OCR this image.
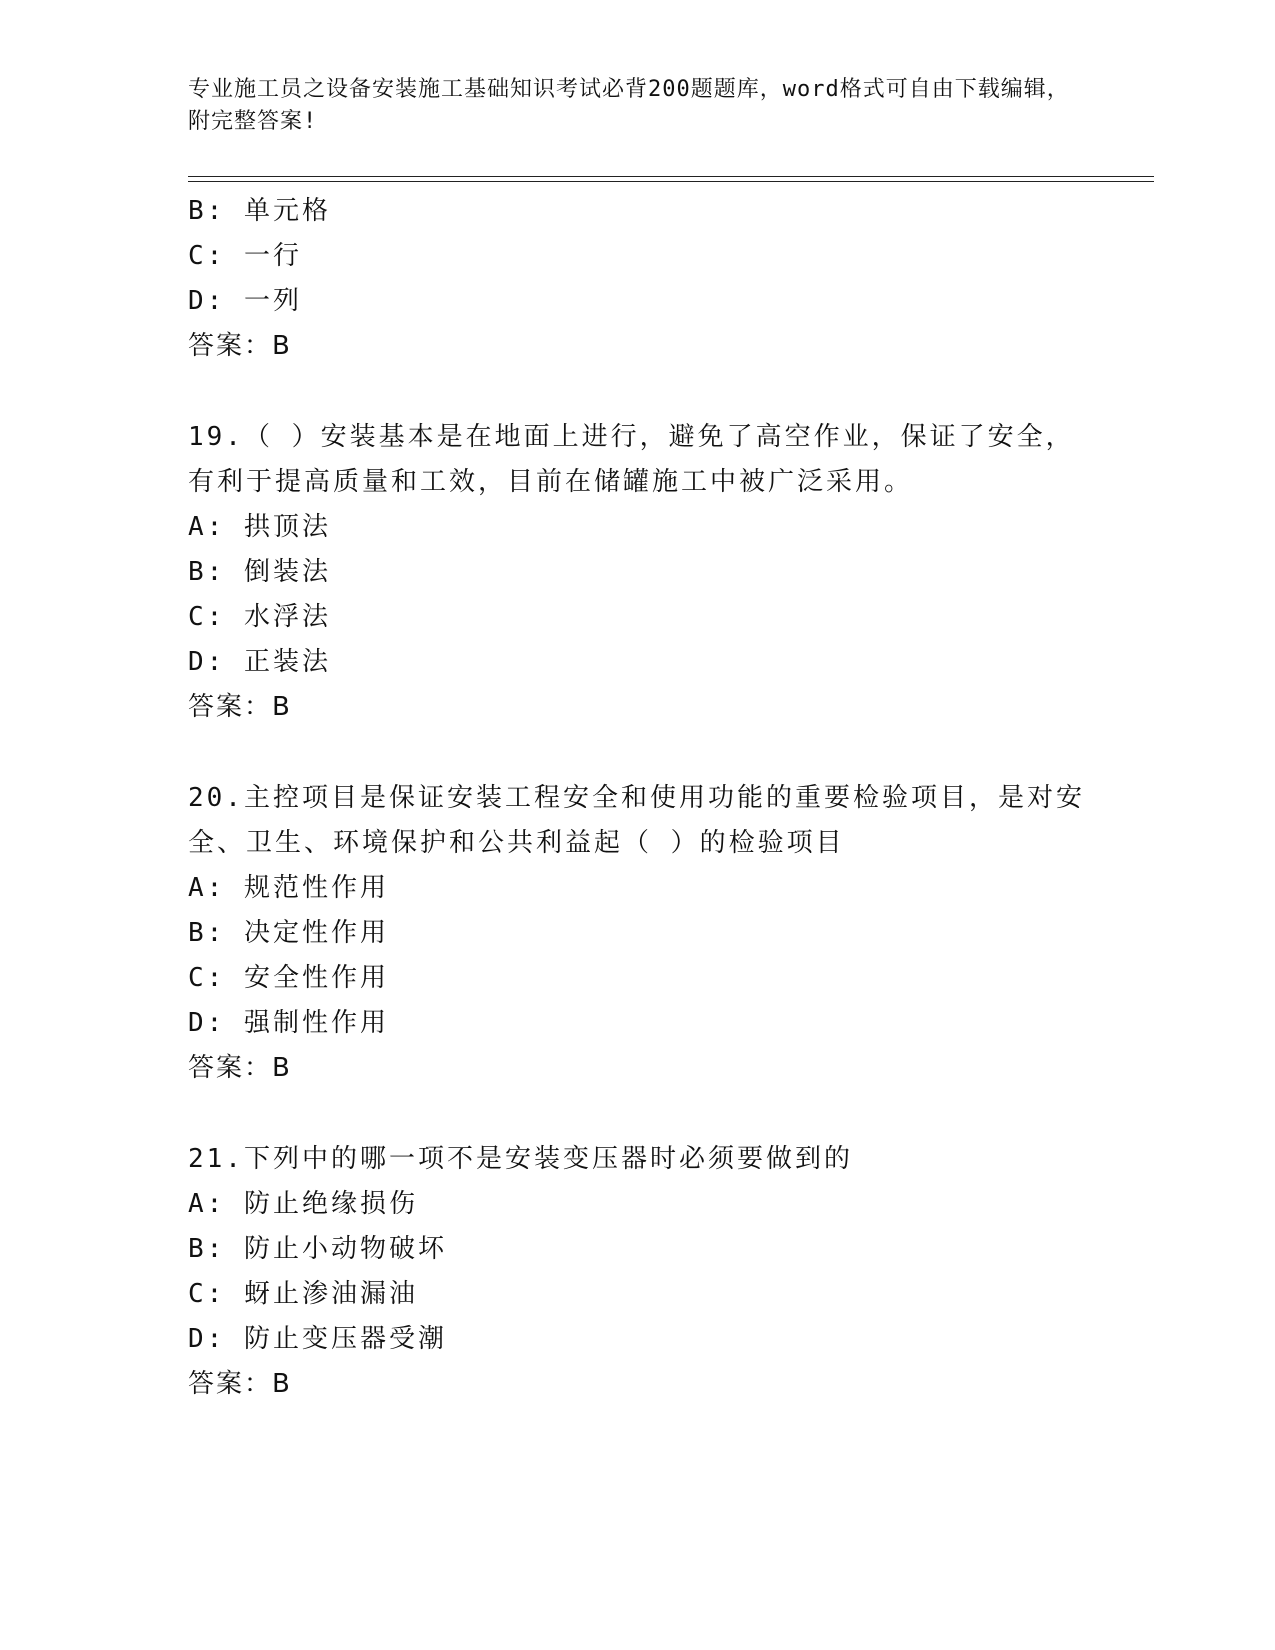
专业施工员之设备安装施工基础知识考试必背200题题库，word格式可自由下载编辑，附完整答案!
B: 单元格
C: 一行
D: 一列
答案：B
19.（ ）安装基本是在地面上进行，避免了高空作业，保证了安全，
有利于提高质量和工效，目前在储罐施工中被广泛采用。
A: 拱顶法
B: 倒装法
C: 水浮法
D: 正装法
答案：B
20.主控项目是保证安装工程安全和使用功能的重要检验项目，是对安
全、卫生、环境保护和公共利益起（ ）的检验项目
A: 规范性作用
B: 决定性作用
C: 安全性作用
D: 强制性作用
答案：B
21.下列中的哪一项不是安装变压器时必须要做到的
A: 防止绝缘损伤
B: 防止小动物破坏
C: 蚜止渗油漏油
D: 防止变压器受潮
答案：B
